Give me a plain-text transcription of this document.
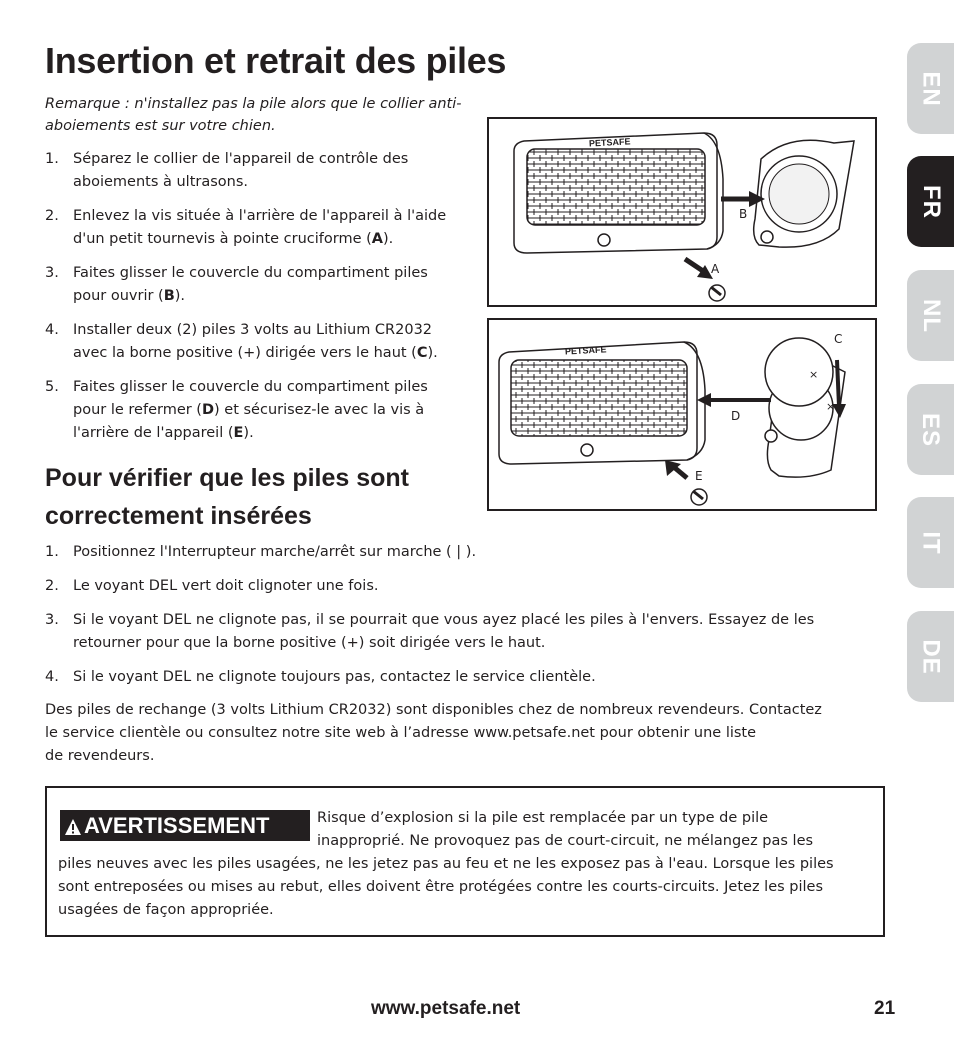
Insertion et retrait des piles
Remarque : n'installez pas la pile alors que le collier anti-aboiements est sur votre chien.
1. Séparez le collier de l'appareil de contrôle des aboiements à ultrasons.
2. Enlevez la vis située à l'arrière de l'appareil à l'aide d'un petit tournevis à pointe cruciforme (A).
3. Faites glisser le couvercle du compartiment piles pour ouvrir (B).
4. Installer deux (2) piles 3 volts au Lithium CR2032 avec la borne positive (+) dirigée vers le haut (C).
5. Faites glisser le couvercle du compartiment piles pour le refermer (D) et sécurisez-le avec la vis à l'arrière de l'appareil (E).
Pour vérifier que les piles sont correctement insérées
1. Positionnez l'Interrupteur marche/arrêt sur marche ( | ).
2. Le voyant DEL vert doit clignoter une fois.
3. Si le voyant DEL ne clignote pas, il se pourrait que vous ayez placé les piles à l'envers. Essayez de les retourner pour que la borne positive (+) soit dirigée vers le haut.
4. Si le voyant DEL ne clignote toujours pas, contactez le service clientèle.
Des piles de rechange (3 volts Lithium CR2032) sont disponibles chez de nombreux revendeurs. Contactez
le service clientèle ou consultez notre site web à l’adresse www.petsafe.net pour obtenir une liste
de revendeurs.
PETSAFE
B
A
PETSAFE
×
×
C
D
E
AVERTISSEMENT	Risque d’explosion si la pile est remplacée par un type de pile
inapproprié. Ne provoquez pas de court-circuit, ne mélangez pas les
piles neuves avec les piles usagées, ne les jetez pas au feu et ne les exposez pas à l'eau. Lorsque les piles
sont entreposées ou mises au rebut, elles doivent être protégées contre les courts-circuits. Jetez les piles
usagées de façon appropriée.
EN
FR
NL
ES
IT
DE
www.petsafe.net	21
